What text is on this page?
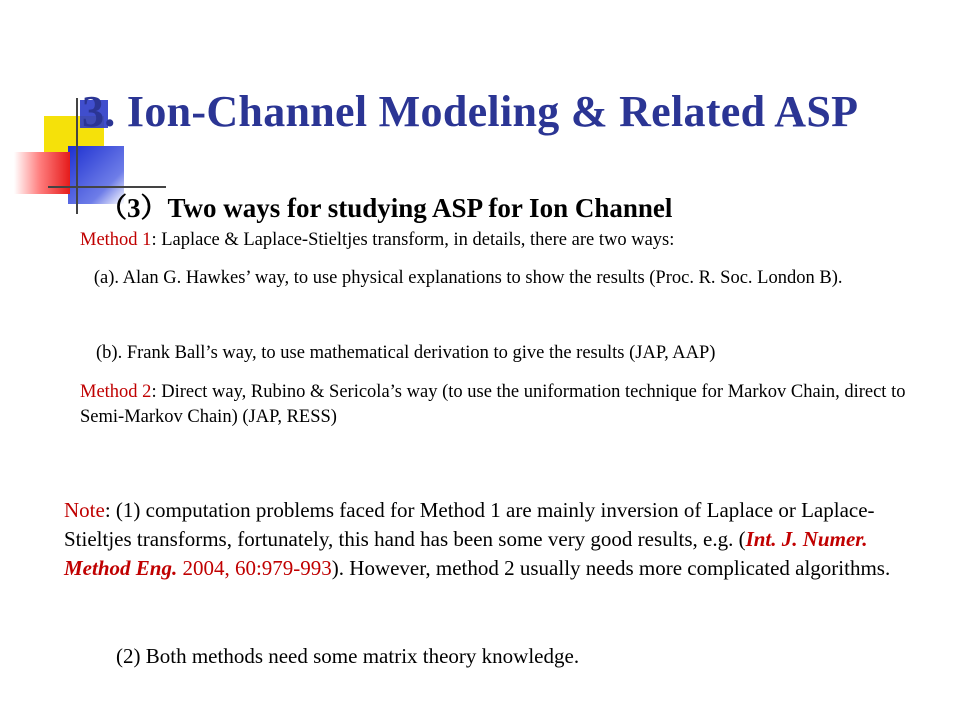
3. Ion-Channel Modeling & Related ASP
（3）Two ways for studying ASP for Ion Channel
Method 1: Laplace & Laplace-Stieltjes transform, in details, there are two ways:
(a). Alan G. Hawkes’ way, to use physical explanations to show the results (Proc. R. Soc. London B).
(b). Frank Ball’s way, to use mathematical derivation to give the results (JAP, AAP)
Method 2: Direct way, Rubino & Sericola’s way (to use the uniformation technique for Markov Chain, direct to Semi-Markov Chain) (JAP, RESS)
Note: (1) computation problems faced for Method 1 are mainly inversion of Laplace or Laplace-Stieltjes transforms, fortunately, this hand has been some very good results, e.g. (Int. J. Numer. Method Eng. 2004, 60:979-993). However, method 2 usually needs more complicated algorithms.
(2) Both methods need some matrix theory knowledge.
